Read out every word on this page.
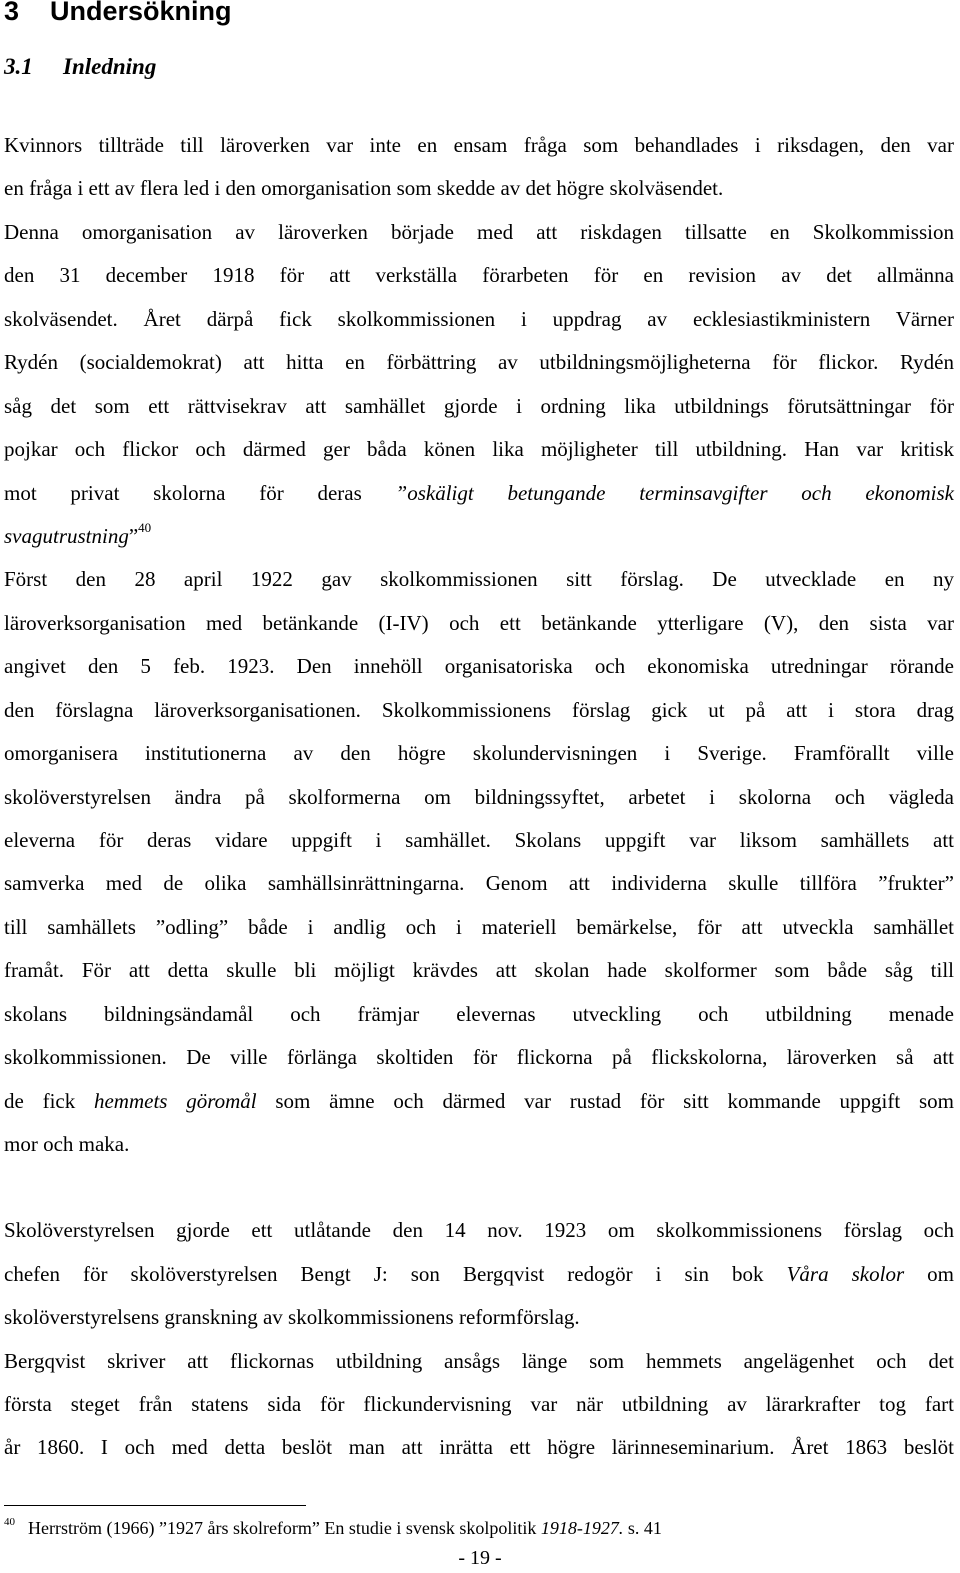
3 Undersökning
3.1 Inledning
Kvinnors tillträde till läroverken var inte en ensam fråga som behandlades i riksdagen, den var
en fråga i ett av flera led i den omorganisation som skedde av det högre skolväsendet.
Denna omorganisation av läroverken började med att riskdagen tillsatte en Skolkommission
den 31 december 1918 för att verkställa förarbeten för en revision av det allmänna
skolväsendet. Året därpå fick skolkommissionen i uppdrag av ecklesiastikministern Värner
Rydén (socialdemokrat) att hitta en förbättring av utbildningsmöjligheterna för flickor. Rydén
såg det som ett rättvisekrav att samhället gjorde i ordning lika utbildnings förutsättningar för
pojkar och flickor och därmed ger båda könen lika möjligheter till utbildning. Han var kritisk
mot privat skolorna för deras ”oskäligt betungande terminsavgifter och ekonomisk
svagutrustning”$^{40}$
Först den 28 april 1922 gav skolkommissionen sitt förslag. De utvecklade en ny
läroverksorganisation med betänkande (I-IV) och ett betänkande ytterligare (V), den sista var
angivet den 5 feb. 1923. Den innehöll organisatoriska och ekonomiska utredningar rörande
den förslagna läroverksorganisationen. Skolkommissionens förslag gick ut på att i stora drag
omorganisera institutionerna av den högre skolundervisningen i Sverige. Framförallt ville
skolöverstyrelsen ändra på skolformerna om bildningssyftet, arbetet i skolorna och vägleda
eleverna för deras vidare uppgift i samhället. Skolans uppgift var liksom samhällets att
samverka med de olika samhällsinrättningarna. Genom att individerna skulle tillföra ”frukter”
till samhällets ”odling” både i andlig och i materiell bemärkelse, för att utveckla samhället
framåt. För att detta skulle bli möjligt krävdes att skolan hade skolformer som både såg till
skolans bildningsändamål och främjar elevernas utveckling och utbildning menade
skolkommissionen. De ville förlänga skoltiden för flickorna på flickskolorna, läroverken så att
de fick hemmets göromål som ämne och därmed var rustad för sitt kommande uppgift som
mor och maka.
Skolöverstyrelsen gjorde ett utlåtande den 14 nov. 1923 om skolkommissionens förslag och
chefen för skolöverstyrelsen Bengt J: son Bergqvist redogör i sin bok Våra skolor om
skolöverstyrelsens granskning av skolkommissionens reformförslag.
Bergqvist skriver att flickornas utbildning ansågs länge som hemmets angelägenhet och det
första steget från statens sida för flickundervisning var när utbildning av lärarkrafter tog fart
år 1860. I och med detta beslöt man att inrätta ett högre lärinneseminarium. Året 1863 beslöt
$^{40}$ Herrström (1966) ”1927 års skolreform” En studie i svensk skolpolitik 1918-1927. s. 41
- 19 -
